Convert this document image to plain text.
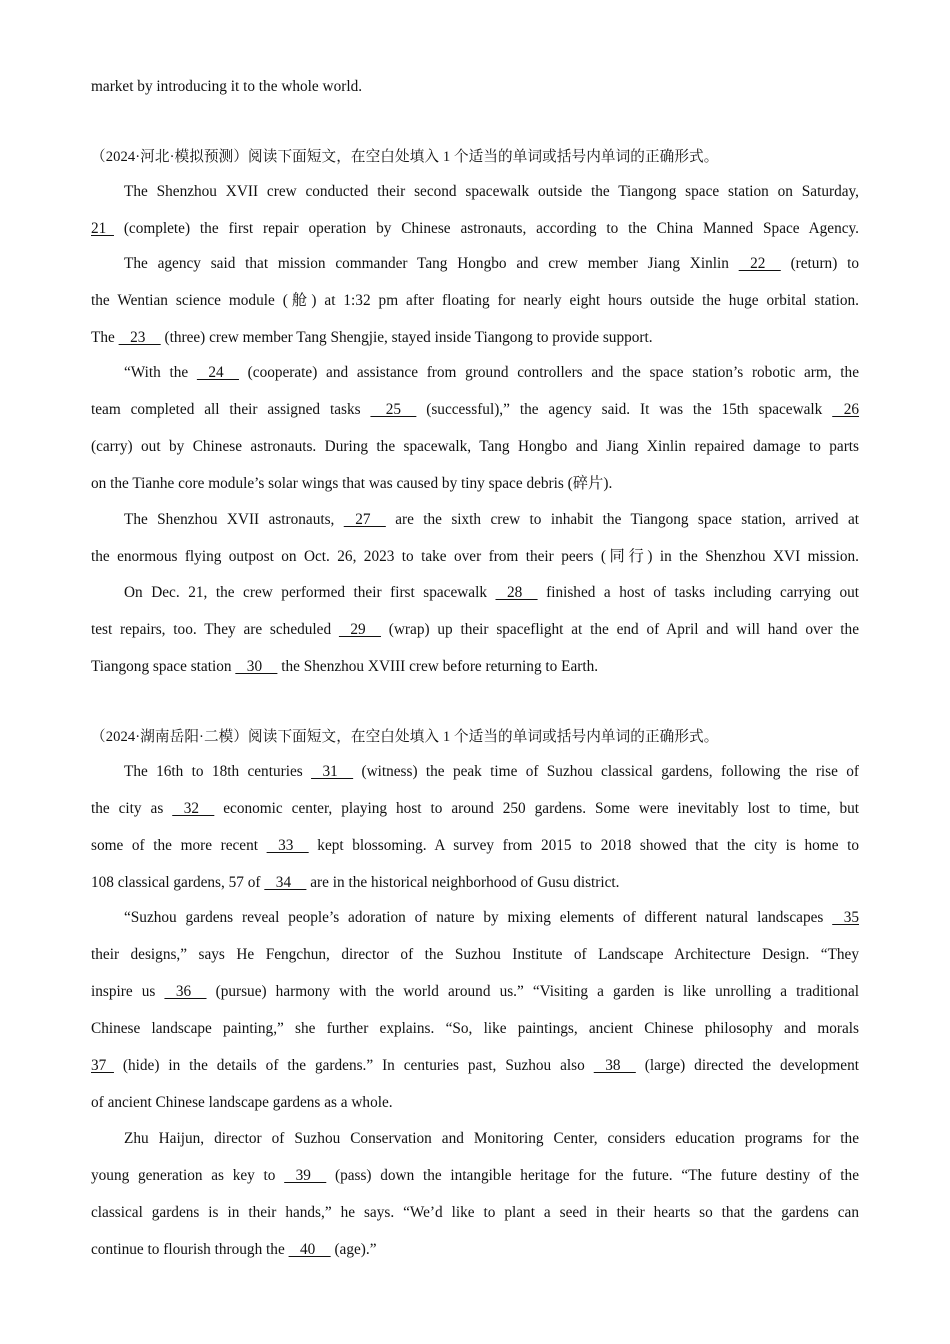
market by introducing it to the whole world.
（2024·河北·模拟预测）阅读下面短文，在空白处填入 1 个适当的单词或括号内单词的正确形式。
The Shenzhou XVII crew conducted their second spacewalk outside the Tiangong space station on Saturday,
21   (complete) the first repair operation by Chinese astronauts, according to the China Manned Space Agency.
The agency said that mission commander Tang Hongbo and crew member Jiang Xinlin    22     (return) to
the Wentian science module (舱) at 1:32 pm after floating for nearly eight hours outside the huge orbital station.
The    23     (three) crew member Tang Shengjie, stayed inside Tiangong to provide support.
“With the    24     (cooperate) and assistance from ground controllers and the space station’s robotic arm, the
team completed all their assigned tasks     25     (successful),” the agency said. It was the 15th spacewalk    26
(carry) out by Chinese astronauts. During the spacewalk, Tang Hongbo and Jiang Xinlin repaired damage to parts
on the Tianhe core module’s solar wings that was caused by tiny space debris (碎片).
The Shenzhou XVII astronauts,    27     are the sixth crew to inhabit the Tiangong space station, arrived at
the enormous flying outpost on Oct. 26, 2023 to take over from their peers (同行) in the Shenzhou XVI mission.
On Dec. 21, the crew performed their first spacewalk    28     finished a host of tasks including carrying out
test repairs, too. They are scheduled    29     (wrap) up their spaceflight at the end of April and will hand over the
Tiangong space station    30     the Shenzhou XVIII crew before returning to Earth.
（2024·湖南岳阳·二模）阅读下面短文，在空白处填入 1 个适当的单词或括号内单词的正确形式。
The 16th to 18th centuries    31     (witness) the peak time of Suzhou classical gardens, following the rise of
the city as    32     economic center, playing host to around 250 gardens. Some were inevitably lost to time, but
some of the more recent    33     kept blossoming. A survey from 2015 to 2018 showed that the city is home to
108 classical gardens, 57 of    34     are in the historical neighborhood of Gusu district.
“Suzhou gardens reveal people’s adoration of nature by mixing elements of different natural landscapes    35
their designs,” says He Fengchun, director of the Suzhou Institute of Landscape Architecture Design. “They
inspire us    36     (pursue) harmony with the world around us.” “Visiting a garden is like unrolling a traditional
Chinese landscape painting,” she further explains. “So, like paintings, ancient Chinese philosophy and morals
37   (hide) in the details of the gardens.” In centuries past, Suzhou also    38     (large) directed the development
of ancient Chinese landscape gardens as a whole.
Zhu Haijun, director of Suzhou Conservation and Monitoring Center, considers education programs for the
young generation as key to    39     (pass) down the intangible heritage for the future. “The future destiny of the
classical gardens is in their hands,” he says. “We’d like to plant a seed in their hearts so that the gardens can
continue to flourish through the    40     (age).”
